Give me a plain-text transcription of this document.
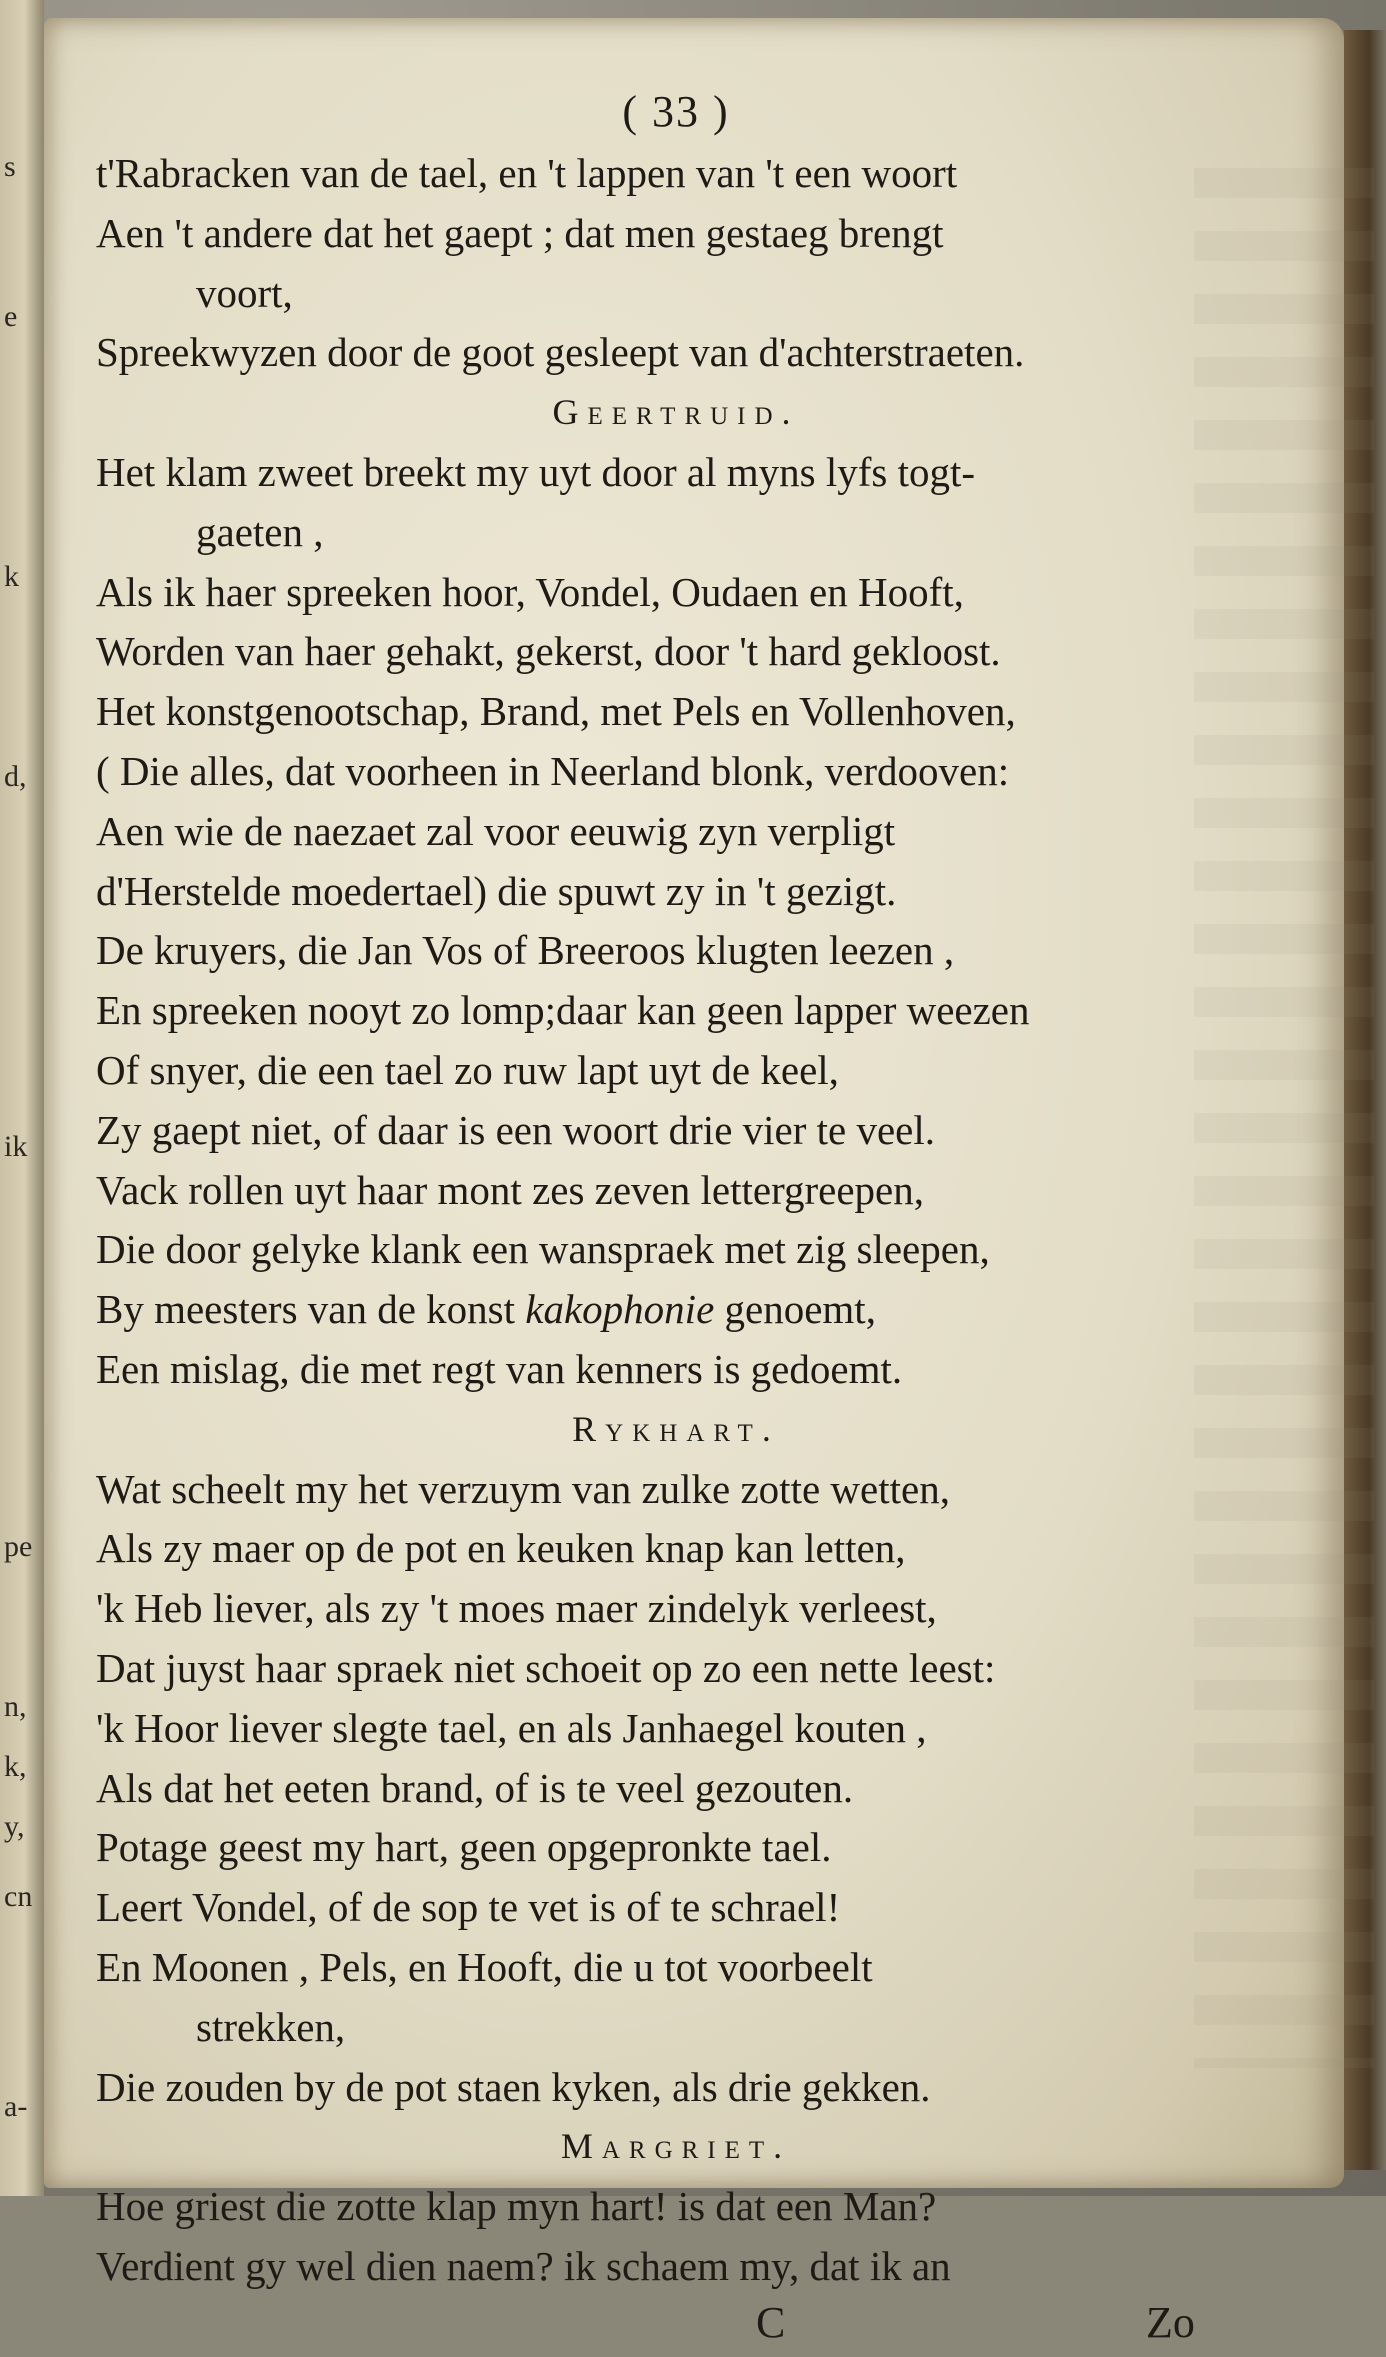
s
e
k
d,
ik
pe
n,
k,
y,
cn
a-
( 33 )
t'Rabracken van de tael, en 't lappen van 't een woort
Aen 't andere dat het gaept ; dat men gestaeg brengt
voort,
Spreekwyzen door de goot gesleept van d'achterstraeten.
Geertruid.
Het klam zweet breekt my uyt door al myns lyfs togt-
gaeten ,
Als ik haer spreeken hoor, Vondel, Oudaen en Hooft,
Worden van haer gehakt, gekerst, door 't hard gekloost.
Het konstgenootschap, Brand, met Pels en Vollenhoven,
( Die alles, dat voorheen in Neerland blonk, verdooven:
Aen wie de naezaet zal voor eeuwig zyn verpligt
d'Herstelde moedertael) die spuwt zy in 't gezigt.
De kruyers, die Jan Vos of Breeroos klugten leezen ,
En spreeken nooyt zo lomp;daar kan geen lapper weezen
Of snyer, die een tael zo ruw lapt uyt de keel,
Zy gaept niet, of daar is een woort drie vier te veel.
Vack rollen uyt haar mont zes zeven lettergreepen,
Die door gelyke klank een wanspraek met zig sleepen,
By meesters van de konst kakophonie genoemt,
Een mislag, die met regt van kenners is gedoemt.
Rykhart.
Wat scheelt my het verzuym van zulke zotte wetten,
Als zy maer op de pot en keuken knap kan letten,
'k Heb liever, als zy 't moes maer zindelyk verleest,
Dat juyst haar spraek niet schoeit op zo een nette leest:
'k Hoor liever slegte tael, en als Janhaegel kouten ,
Als dat het eeten brand, of is te veel gezouten.
Potage geest my hart, geen opgepronkte tael.
Leert Vondel, of de sop te vet is of te schrael!
En Moonen , Pels, en Hooft, die u tot voorbeelt
strekken,
Die zouden by de pot staen kyken, als drie gekken.
Margriet.
Hoe griest die zotte klap myn hart! is dat een Man?
Verdient gy wel dien naem? ik schaem my, dat ik an
C	Zo
